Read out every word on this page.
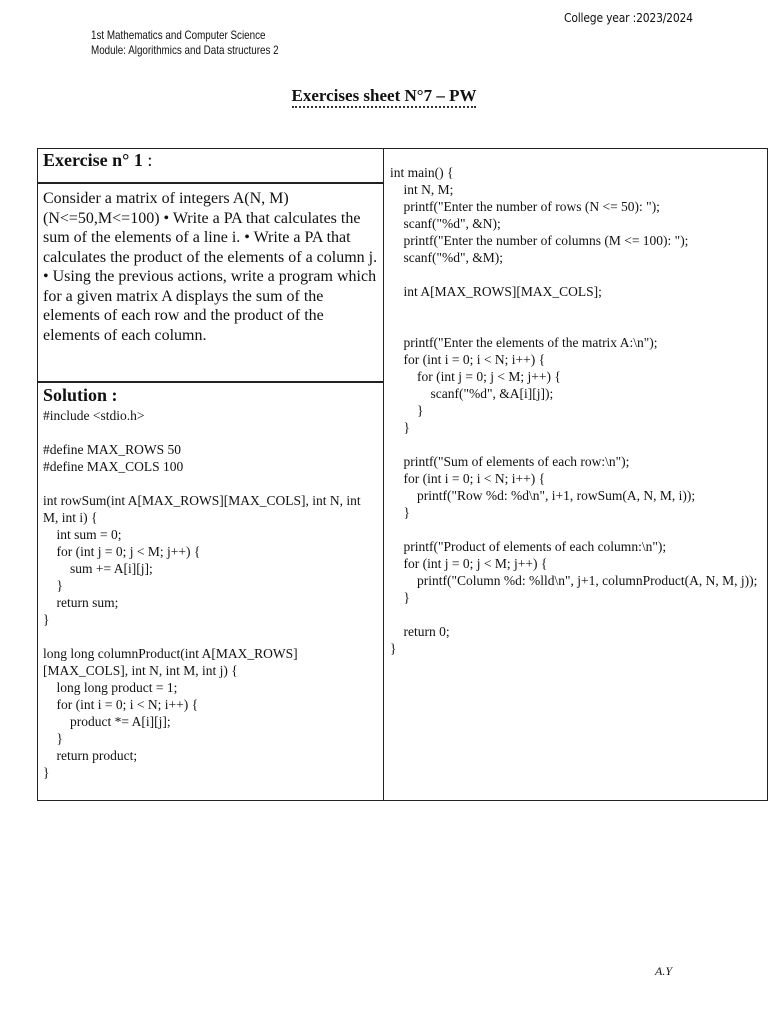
College year :2023/2024
1st Mathematics and Computer Science
Module: Algorithmics and Data structures 2
Exercises sheet N°7 – PW
Exercise n° 1 :

Consider a matrix of integers A(N, M) (N<=50,M<=100) • Write a PA that calculates the sum of the elements of a line i. • Write a PA that calculates the product of the elements of a column j.

• Using the previous actions, write a program which for a given matrix A displays the sum of the elements of each row and the product of the elements of each column.

Solution :
#include <stdio.h>

#define MAX_ROWS 50
#define MAX_COLS 100

int rowSum(int A[MAX_ROWS][MAX_COLS], int N, int M, int i) {
int sum = 0;
for (int j = 0; j < M; j++) {
sum += A[i][j];
}
return sum;
}

long long columnProduct(int A[MAX_ROWS][MAX_COLS], int N, int M, int j) {
long long product = 1;
for (int i = 0; i < N; i++) {
product *= A[i][j];
}
return product;
}
int main() {
int N, M;
printf("Enter the number of rows (N <= 50): ");
scanf("%d", &N);
printf("Enter the number of columns (M <= 100): ");
scanf("%d", &M);

int A[MAX_ROWS][MAX_COLS];

printf("Enter the elements of the matrix A:\n");
for (int i = 0; i < N; i++) {
for (int j = 0; j < M; j++) {
scanf("%d", &A[i][j]);
}
}

printf("Sum of elements of each row:\n");
for (int i = 0; i < N; i++) {
printf("Row %d: %d\n", i+1, rowSum(A, N, M, i));
}

printf("Product of elements of each column:\n");
for (int j = 0; j < M; j++) {
printf("Column %d: %lld\n", j+1, columnProduct(A, N, M, j));
}

return 0;
}
A.Y
